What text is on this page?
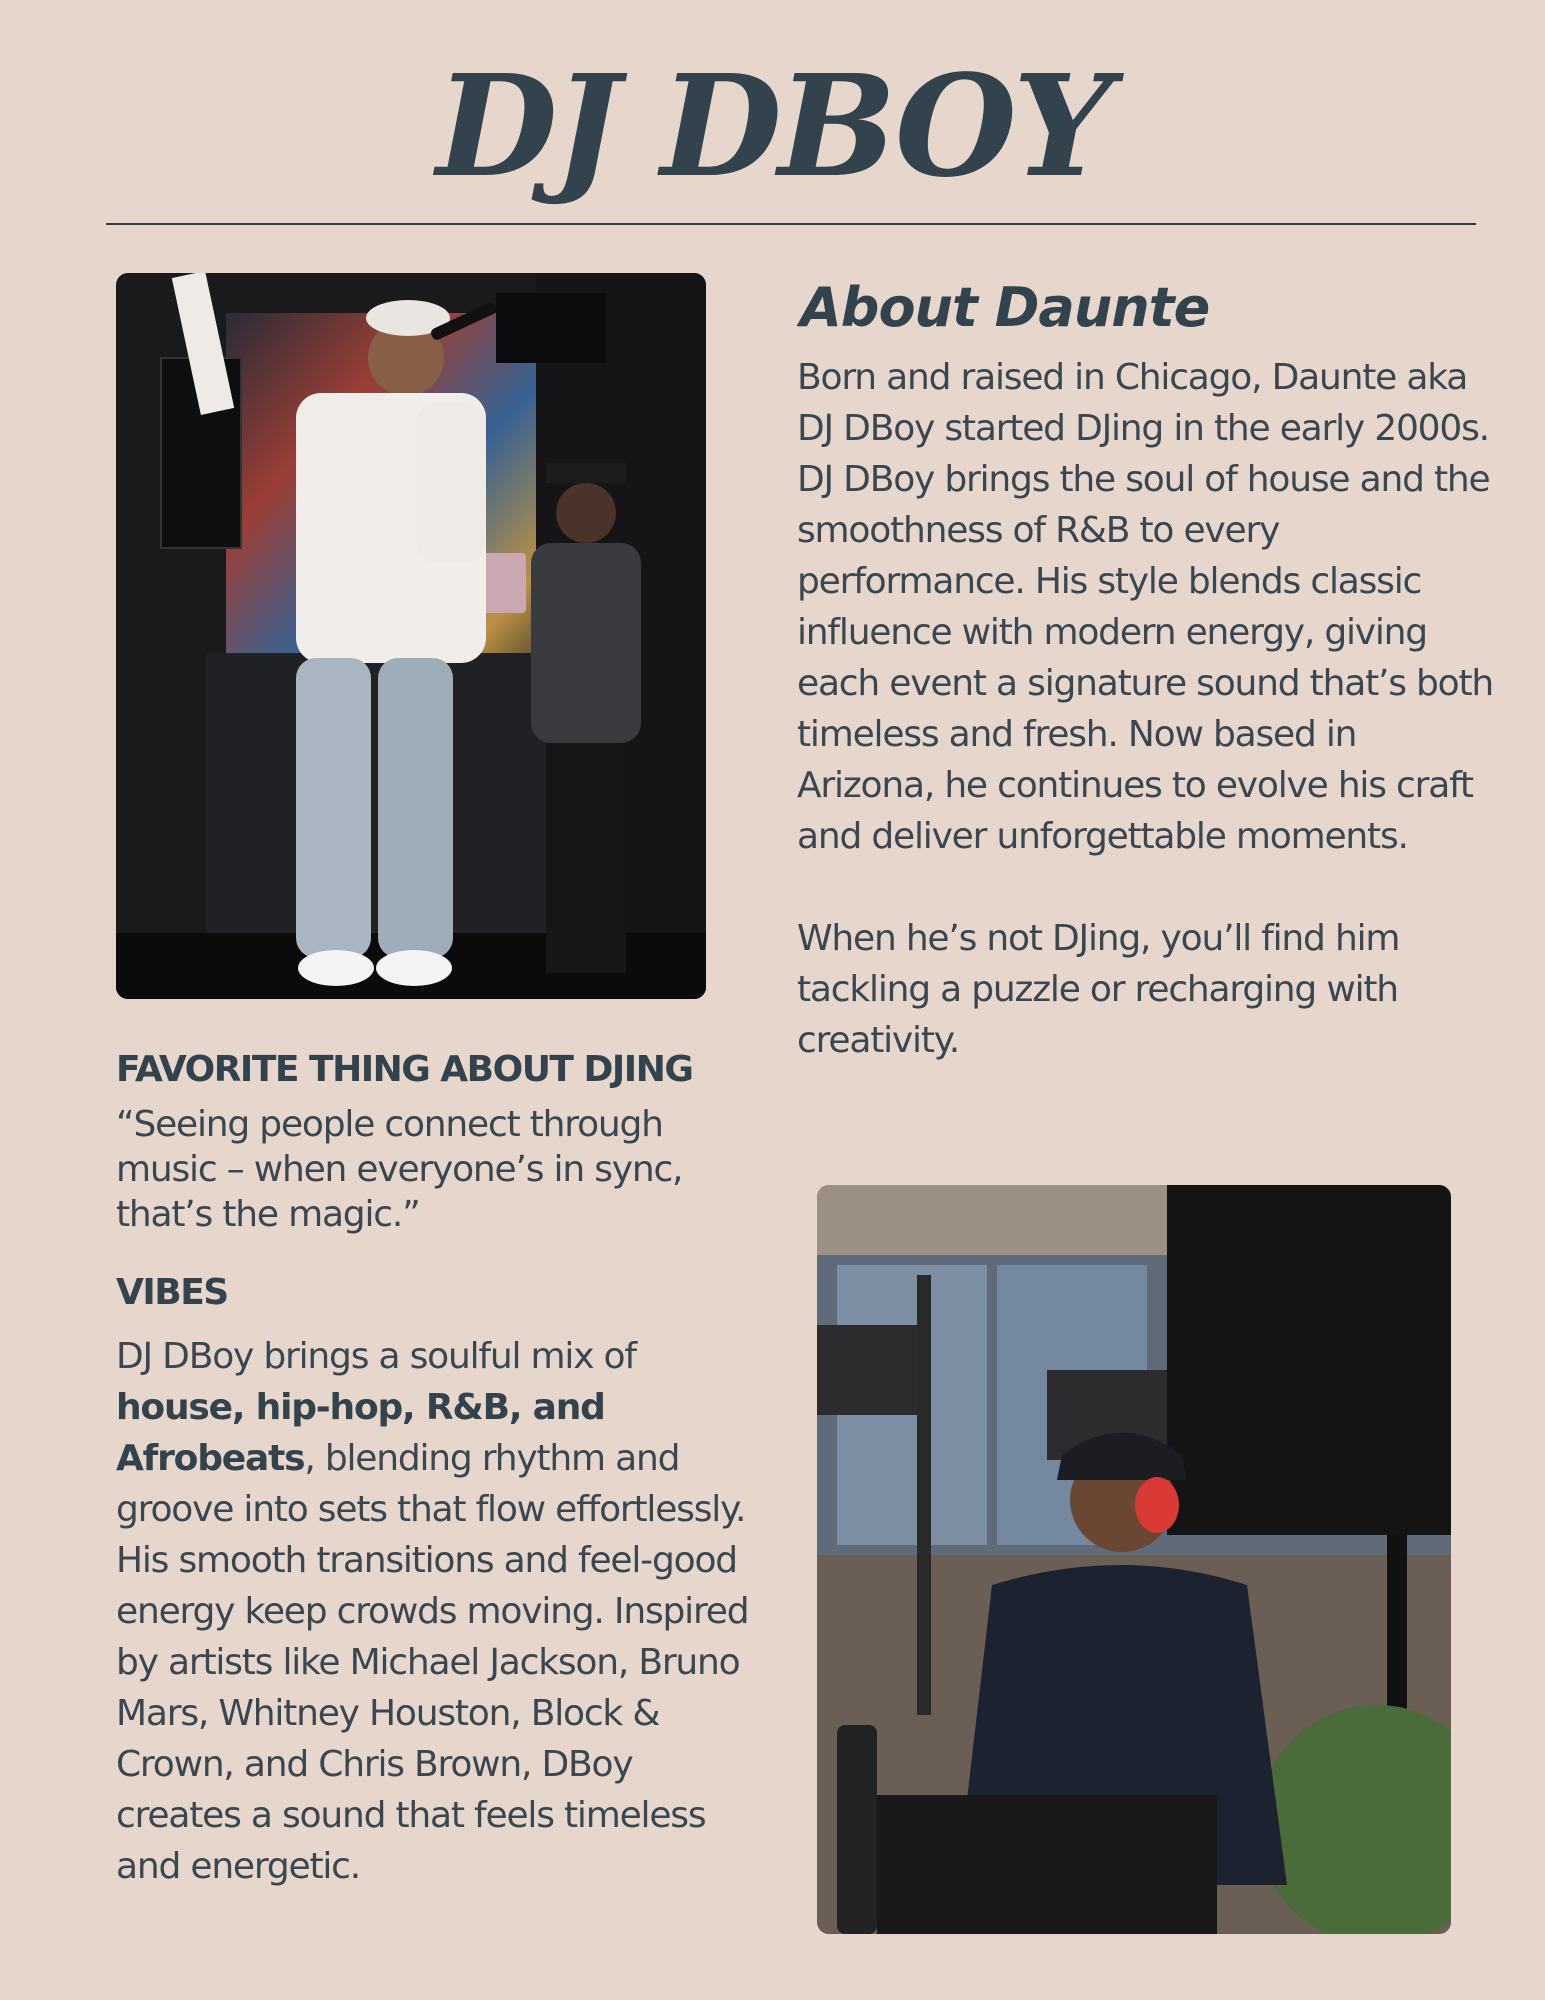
DJ DBOY
About Daunte

Born and raised in Chicago, Daunte aka DJ DBoy started DJing in the early 2000s. DJ DBoy brings the soul of house and the smoothness of R&B to every performance. His style blends classic influence with modern energy, giving each event a signature sound that’s both timeless and fresh. Now based in Arizona, he continues to evolve his craft and deliver unforgettable moments.

When he’s not DJing, you’ll find him tackling a puzzle or recharging with creativity.

FAVORITE THING ABOUT DJING

“Seeing people connect through music – when everyone’s in sync, that’s the magic.”

VIBES

DJ DBoy brings a soulful mix of house, hip-hop, R&B, and Afrobeats, blending rhythm and groove into sets that flow effortlessly. His smooth transitions and feel-good energy keep crowds moving. Inspired by artists like Michael Jackson, Bruno Mars, Whitney Houston, Block & Crown, and Chris Brown, DBoy creates a sound that feels timeless and energetic.
